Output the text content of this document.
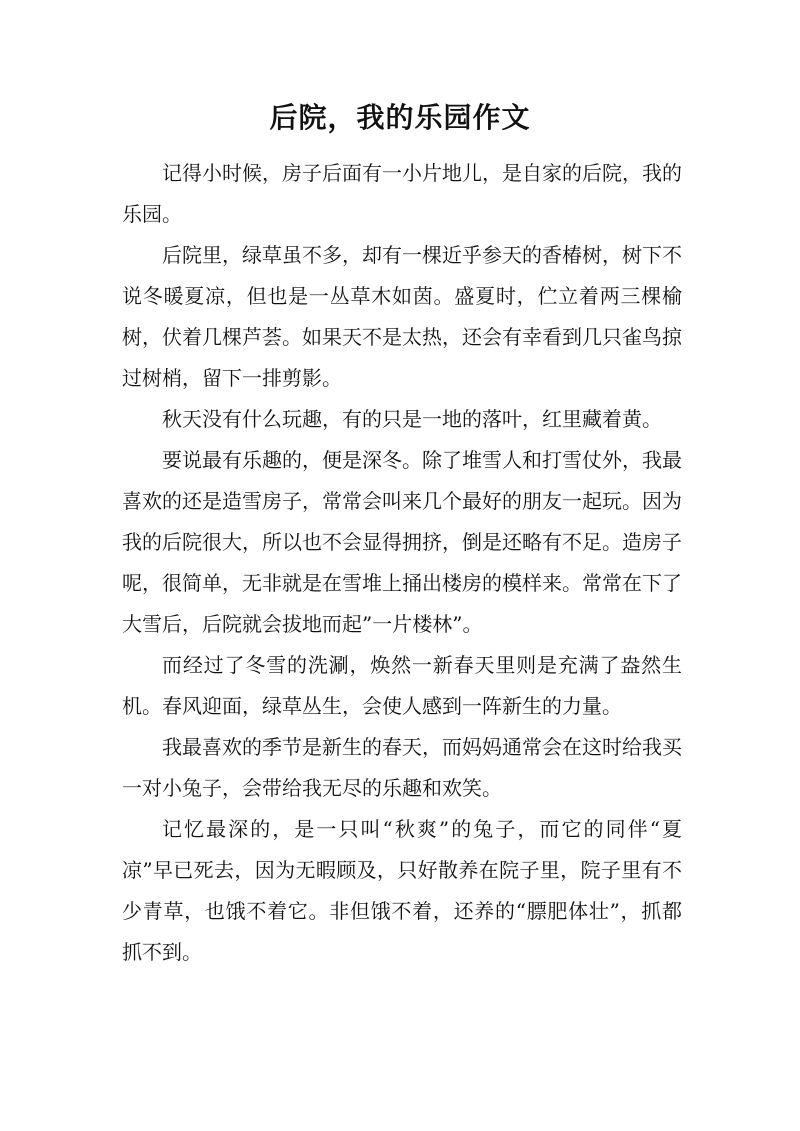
后院，我的乐园作文

记得小时候，房子后面有一小片地儿，是自家的后院，我的乐园。

后院里，绿草虽不多，却有一棵近乎参天的香椿树，树下不说冬暖夏凉，但也是一丛草木如茵。盛夏时，伫立着两三棵榆树，伏着几棵芦荟。如果天不是太热，还会有幸看到几只雀鸟掠过树梢，留下一排剪影。

秋天没有什么玩趣，有的只是一地的落叶，红里藏着黄。

要说最有乐趣的，便是深冬。除了堆雪人和打雪仗外，我最喜欢的还是造雪房子，常常会叫来几个最好的朋友一起玩。因为我的后院很大，所以也不会显得拥挤，倒是还略有不足。造房子呢，很简单，无非就是在雪堆上捅出楼房的模样来。常常在下了大雪后，后院就会拔地而起”一片楼林”。

而经过了冬雪的洗涮，焕然一新春天里则是充满了盎然生机。春风迎面，绿草丛生，会使人感到一阵新生的力量。

我最喜欢的季节是新生的春天，而妈妈通常会在这时给我买一对小兔子，会带给我无尽的乐趣和欢笑。

记忆最深的，是一只叫“秋爽”的兔子，而它的同伴“夏凉”早已死去，因为无暇顾及，只好散养在院子里，院子里有不少青草，也饿不着它。非但饿不着，还养的“膘肥体壮”，抓都抓不到。
